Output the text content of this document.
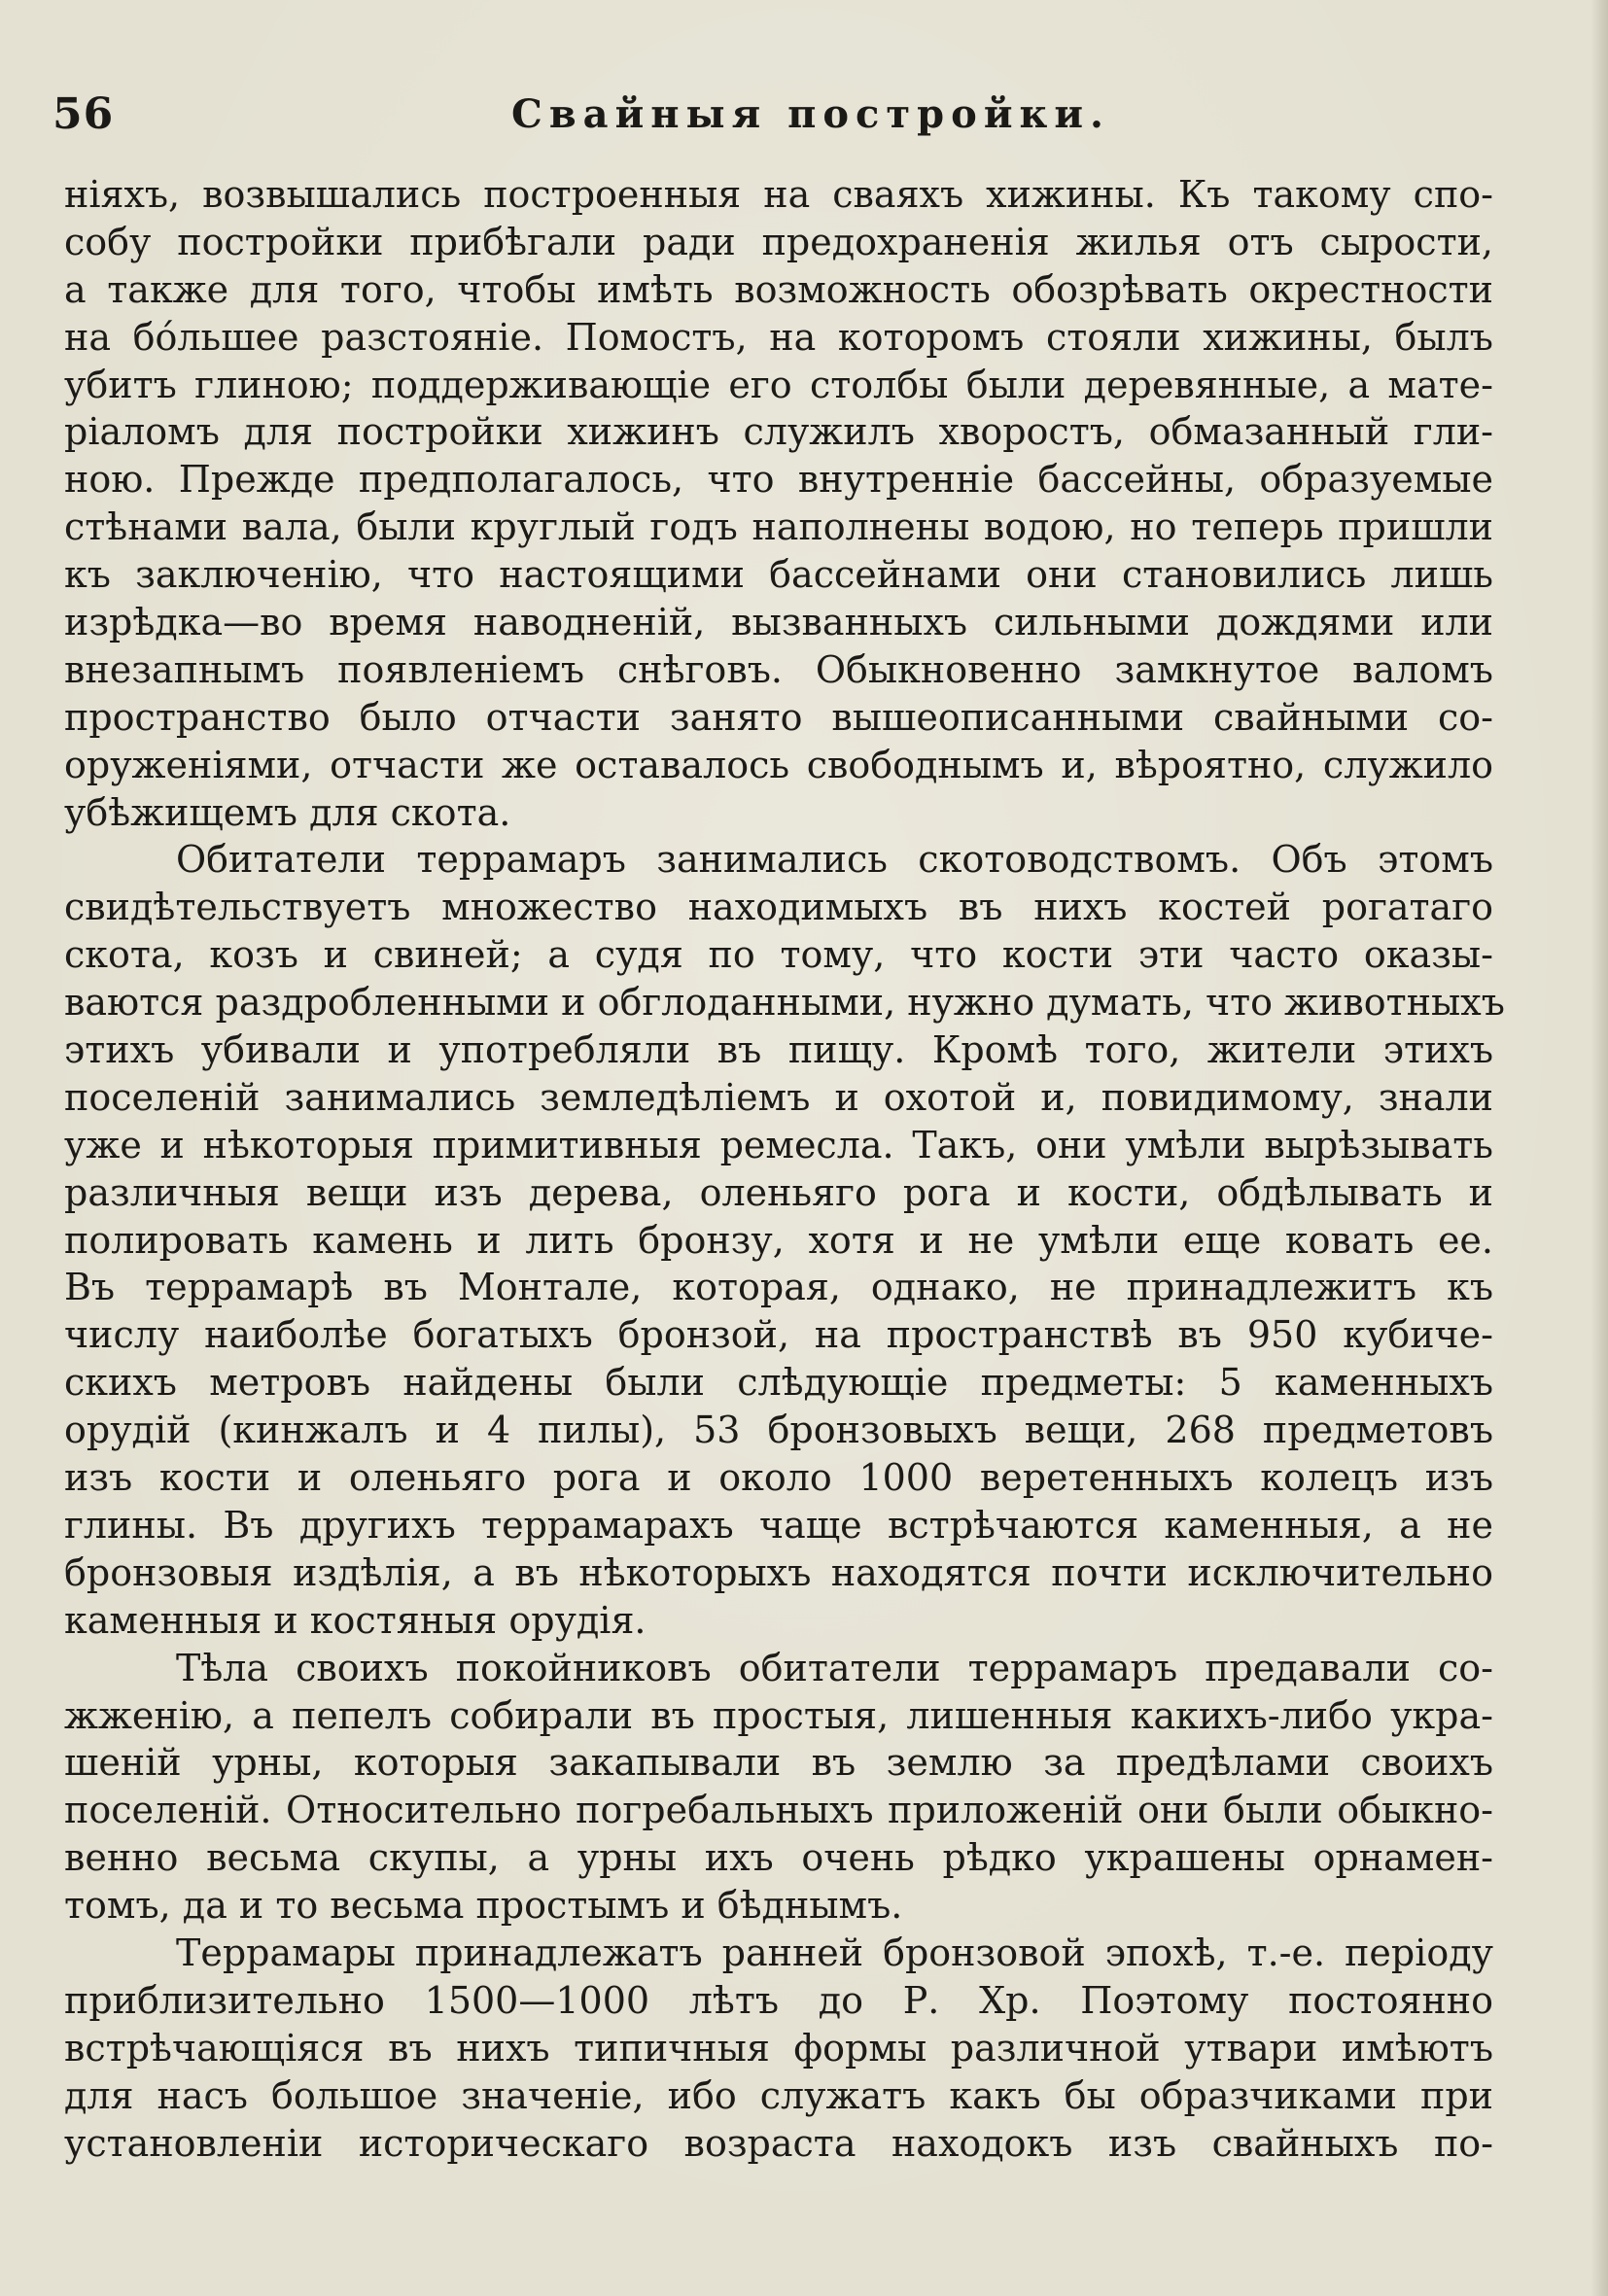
56	Свайныя постройки.
ніяхъ, возвышались построенныя на сваяхъ хижины. Къ такому спо-
собу постройки прибѣгали ради предохраненія жилья отъ сырости,
а также для того, чтобы имѣть возможность обозрѣвать окрестности
на бóльшее разстояніе. Помостъ, на которомъ стояли хижины, былъ
убитъ глиною; поддерживающіе его столбы были деревянные, а мате-
ріаломъ для постройки хижинъ служилъ хворостъ, обмазанный гли-
ною. Прежде предполагалось, что внутренніе бассейны, образуемые
стѣнами вала, были круглый годъ наполнены водою, но теперь пришли
къ заключенію, что настоящими бассейнами они становились лишь
изрѣдка—во время наводненій, вызванныхъ сильными дождями или
внезапнымъ появленіемъ снѣговъ. Обыкновенно замкнутое валомъ
пространство было отчасти занято вышеописанными свайными со-
оруженіями, отчасти же оставалось свободнымъ и, вѣроятно, служило
убѣжищемъ для скота.
Обитатели террамаръ занимались скотоводствомъ. Объ этомъ
свидѣтельствуетъ множество находимыхъ въ нихъ костей рогатаго
скота, козъ и свиней; а судя по тому, что кости эти часто оказы-
ваются раздробленными и обглоданными, нужно думать, что животныхъ
этихъ убивали и употребляли въ пищу. Кромѣ того, жители этихъ
поселеній занимались земледѣліемъ и охотой и, повидимому, знали
уже и нѣкоторыя примитивныя ремесла. Такъ, они умѣли вырѣзывать
различныя вещи изъ дерева, оленьяго рога и кости, обдѣлывать и
полировать камень и лить бронзу, хотя и не умѣли еще ковать ее.
Въ террамарѣ въ Монтале, которая, однако, не принадлежитъ къ
числу наиболѣе богатыхъ бронзой, на пространствѣ въ 950 кубиче-
скихъ метровъ найдены были слѣдующіе предметы: 5 каменныхъ
орудій (кинжалъ и 4 пилы), 53 бронзовыхъ вещи, 268 предметовъ
изъ кости и оленьяго рога и около 1000 веретенныхъ колецъ изъ
глины. Въ другихъ террамарахъ чаще встрѣчаются каменныя, а не
бронзовыя издѣлія, а въ нѣкоторыхъ находятся почти исключительно
каменныя и костяныя орудія.
Тѣла своихъ покойниковъ обитатели террамаръ предавали со-
жженію, а пепелъ собирали въ простыя, лишенныя какихъ-либо укра-
шеній урны, которыя закапывали въ землю за предѣлами своихъ
поселеній. Относительно погребальныхъ приложеній они были обыкно-
венно весьма скупы, а урны ихъ очень рѣдко украшены орнамен-
томъ, да и то весьма простымъ и бѣднымъ.
Террамары принадлежатъ ранней бронзовой эпохѣ, т.-е. періоду
приблизительно 1500—1000 лѣтъ до Р. Хр. Поэтому постоянно
встрѣчающіяся въ нихъ типичныя формы различной утвари имѣютъ
для насъ большое значеніе, ибо служатъ какъ бы образчиками при
установленіи историческаго возраста находокъ изъ свайныхъ по-
